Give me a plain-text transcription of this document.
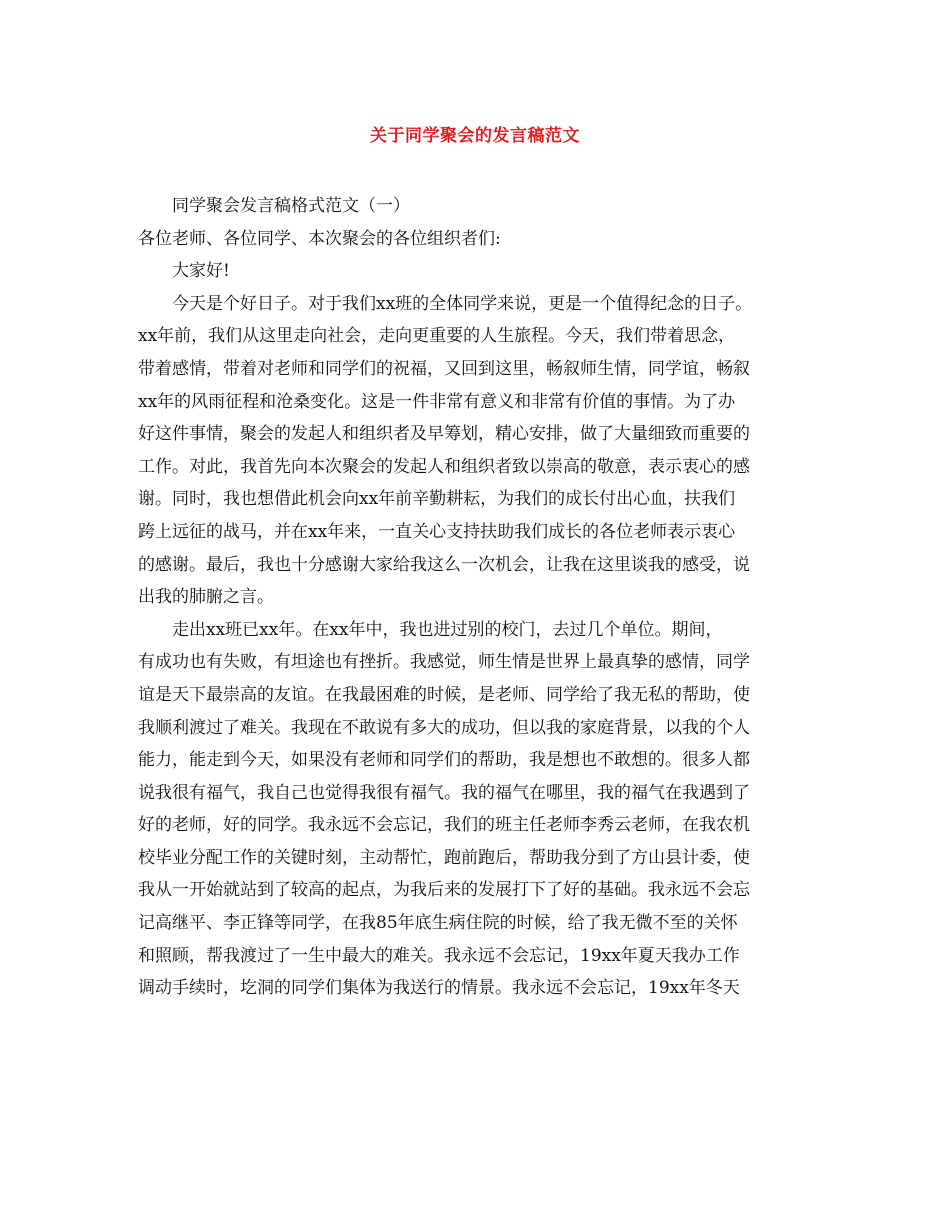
关于同学聚会的发言稿范文
同学聚会发言稿格式范文（一）
各位老师、各位同学、本次聚会的各位组织者们:
大家好!
今天是个好日子。对于我们xx班的全体同学来说，更是一个值得纪念的日子。
xx年前，我们从这里走向社会，走向更重要的人生旅程。今天，我们带着思念，
带着感情，带着对老师和同学们的祝福，又回到这里，畅叙师生情，同学谊，畅叙
xx年的风雨征程和沧桑变化。这是一件非常有意义和非常有价值的事情。为了办
好这件事情，聚会的发起人和组织者及早筹划，精心安排，做了大量细致而重要的
工作。对此，我首先向本次聚会的发起人和组织者致以崇高的敬意，表示衷心的感
谢。同时，我也想借此机会向xx年前辛勤耕耘，为我们的成长付出心血，扶我们
跨上远征的战马，并在xx年来，一直关心支持扶助我们成长的各位老师表示衷心
的感谢。最后，我也十分感谢大家给我这么一次机会，让我在这里谈我的感受，说
出我的肺腑之言。
走出xx班已xx年。在xx年中，我也进过别的校门，去过几个单位。期间，
有成功也有失败，有坦途也有挫折。我感觉，师生情是世界上最真挚的感情，同学
谊是天下最崇高的友谊。在我最困难的时候，是老师、同学给了我无私的帮助，使
我顺利渡过了难关。我现在不敢说有多大的成功，但以我的家庭背景，以我的个人
能力，能走到今天，如果没有老师和同学们的帮助，我是想也不敢想的。很多人都
说我很有福气，我自己也觉得我很有福气。我的福气在哪里，我的福气在我遇到了
好的老师，好的同学。我永远不会忘记，我们的班主任老师李秀云老师，在我农机
校毕业分配工作的关键时刻，主动帮忙，跑前跑后，帮助我分到了方山县计委，使
我从一开始就站到了较高的起点，为我后来的发展打下了好的基础。我永远不会忘
记高继平、李正锋等同学，在我85年底生病住院的时候，给了我无微不至的关怀
和照顾，帮我渡过了一生中最大的难关。我永远不会忘记，19xx年夏天我办工作
调动手续时，圪洞的同学们集体为我送行的情景。我永远不会忘记，19xx年冬天
